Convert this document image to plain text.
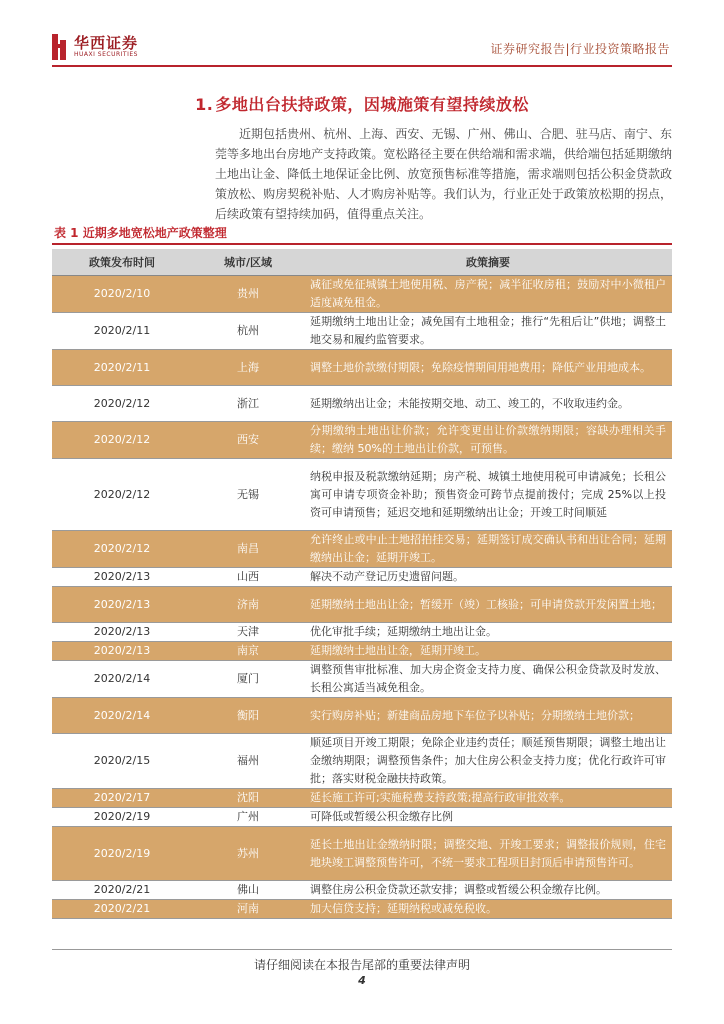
华西证券
HUAXI SECURITIES	证券研究报告|行业投资策略报告
1. 多地出台扶持政策，因城施策有望持续放松
近期包括贵州、杭州、上海、西安、无锡、广州、佛山、合肥、驻马店、南宁、东莞等多地出台房地产支持政策。宽松路径主要在供给端和需求端，供给端包括延期缴纳土地出让金、降低土地保证金比例、放宽预售标准等措施，需求端则包括公积金贷款政策放松、购房契税补贴、人才购房补贴等。我们认为，行业正处于政策放松期的拐点，后续政策有望持续加码，值得重点关注。
表 1 近期多地宽松地产政策整理
政策发布时间	城市/区域	政策摘要
2020/2/10	贵州	减征或免征城镇土地使用税、房产税；减半征收房租；鼓励对中小微租户适度减免租金。
2020/2/11	杭州	延期缴纳土地出让金；减免国有土地租金；推行“先租后让”供地；调整土地交易和履约监管要求。
2020/2/11	上海	调整土地价款缴付期限；免除疫情期间用地费用；降低产业用地成本。
2020/2/12	浙江	延期缴纳出让金；未能按期交地、动工、竣工的，不收取违约金。
2020/2/12	西安	分期缴纳土地出让价款；允许变更出让价款缴纳期限；容缺办理相关手续；缴纳 50%的土地出让价款，可预售。
2020/2/12	无锡	纳税申报及税款缴纳延期；房产税、城镇土地使用税可申请减免；长租公寓可申请专项资金补助；预售资金可跨节点提前拨付；完成 25%以上投资可申请预售；延迟交地和延期缴纳出让金；开竣工时间顺延
2020/2/12	南昌	允许终止或中止土地招拍挂交易；延期签订成交确认书和出让合同；延期缴纳出让金；延期开竣工。
2020/2/13	山西	解决不动产登记历史遗留问题。
2020/2/13	济南	延期缴纳土地出让金；暂缓开（竣）工核验；可申请贷款开发闲置土地；
2020/2/13	天津	优化审批手续；延期缴纳土地出让金。
2020/2/13	南京	延期缴纳土地出让金，延期开竣工。
2020/2/14	厦门	调整预售审批标准、加大房企资金支持力度、确保公积金贷款及时发放、长租公寓适当减免租金。
2020/2/14	衡阳	实行购房补贴；新建商品房地下车位予以补贴；分期缴纳土地价款；
2020/2/15	福州	顺延项目开竣工期限；免除企业违约责任；顺延预售期限；调整土地出让金缴纳期限；调整预售条件；加大住房公积金支持力度；优化行政许可审批；落实财税金融扶持政策。
2020/2/17	沈阳	延长施工许可;实施税费支持政策;提高行政审批效率。
2020/2/19	广州	可降低或暂缓公积金缴存比例
2020/2/19	苏州	延长土地出让金缴纳时限；调整交地、开竣工要求；调整报价规则，住宅地块竣工调整预售许可，不统一要求工程项目封顶后申请预售许可。
2020/2/21	佛山	调整住房公积金贷款还款安排；调整或暂缓公积金缴存比例。
2020/2/21	河南	加大信贷支持；延期纳税或减免税收。
请仔细阅读在本报告尾部的重要法律声明
4
